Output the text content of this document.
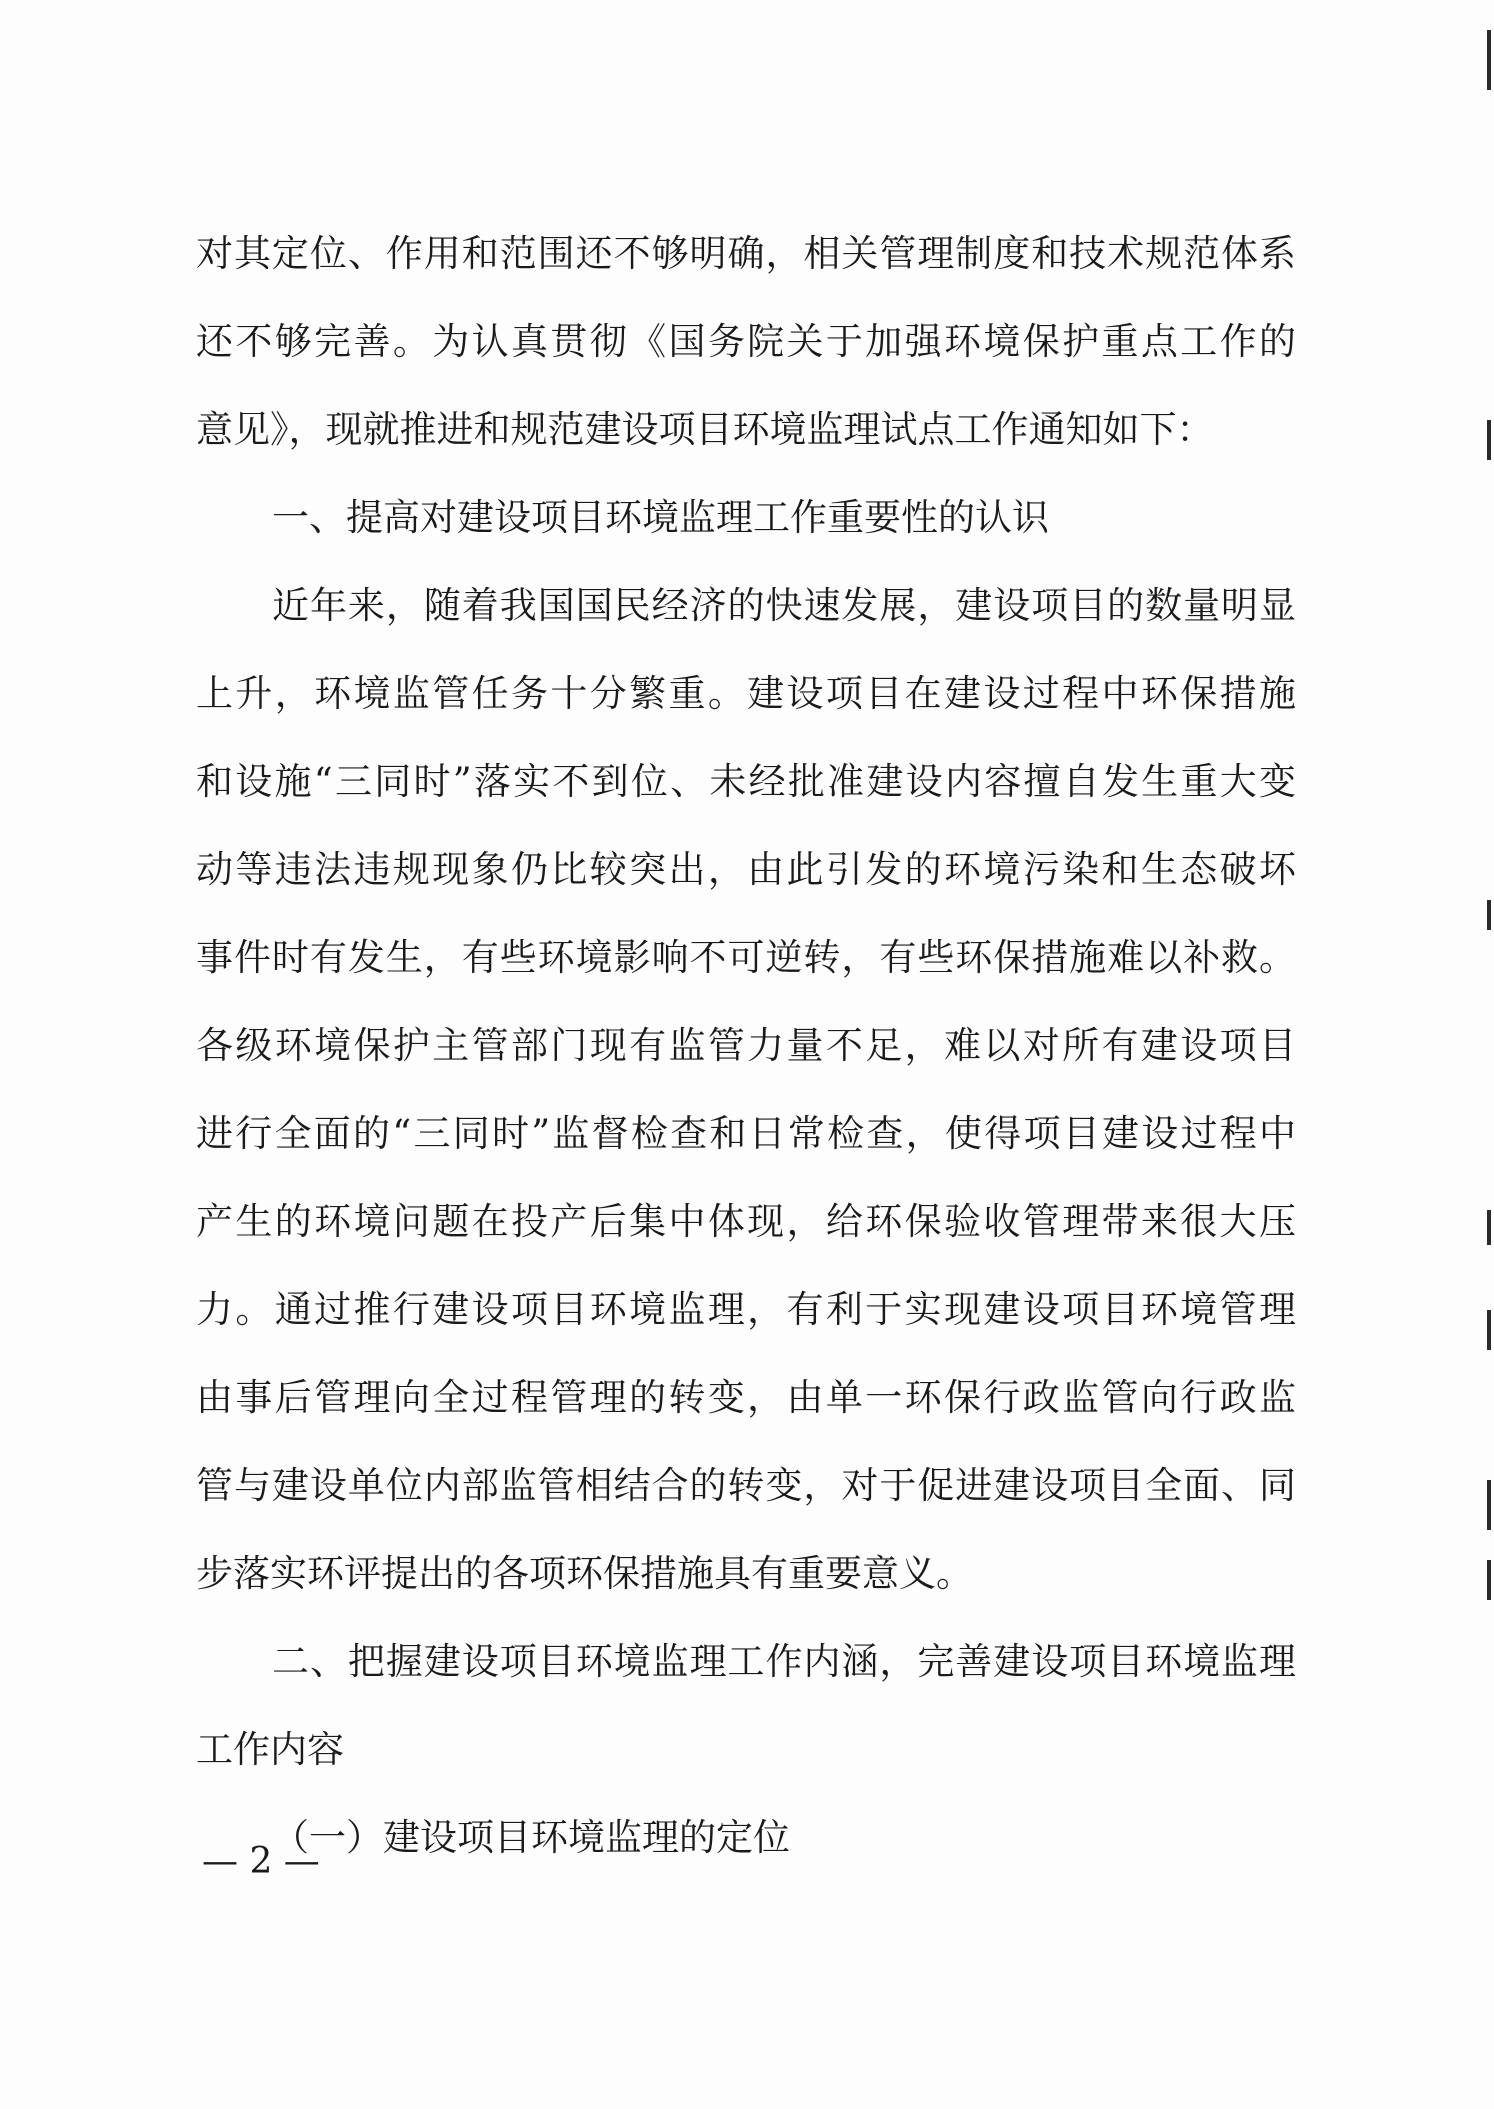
对其定位、作用和范围还不够明确，相关管理制度和技术规范体系
还不够完善。为认真贯彻《国务院关于加强环境保护重点工作的
意见》，现就推进和规范建设项目环境监理试点工作通知如下：
一、提高对建设项目环境监理工作重要性的认识
近年来，随着我国国民经济的快速发展，建设项目的数量明显
上升，环境监管任务十分繁重。建设项目在建设过程中环保措施
和设施“三同时”落实不到位、未经批准建设内容擅自发生重大变
动等违法违规现象仍比较突出，由此引发的环境污染和生态破坏
事件时有发生，有些环境影响不可逆转，有些环保措施难以补救。
各级环境保护主管部门现有监管力量不足，难以对所有建设项目
进行全面的“三同时”监督检查和日常检查，使得项目建设过程中
产生的环境问题在投产后集中体现，给环保验收管理带来很大压
力。通过推行建设项目环境监理，有利于实现建设项目环境管理
由事后管理向全过程管理的转变，由单一环保行政监管向行政监
管与建设单位内部监管相结合的转变，对于促进建设项目全面、同
步落实环评提出的各项环保措施具有重要意义。
二、把握建设项目环境监理工作内涵，完善建设项目环境监理
工作内容
（一）建设项目环境监理的定位
— 2 —
